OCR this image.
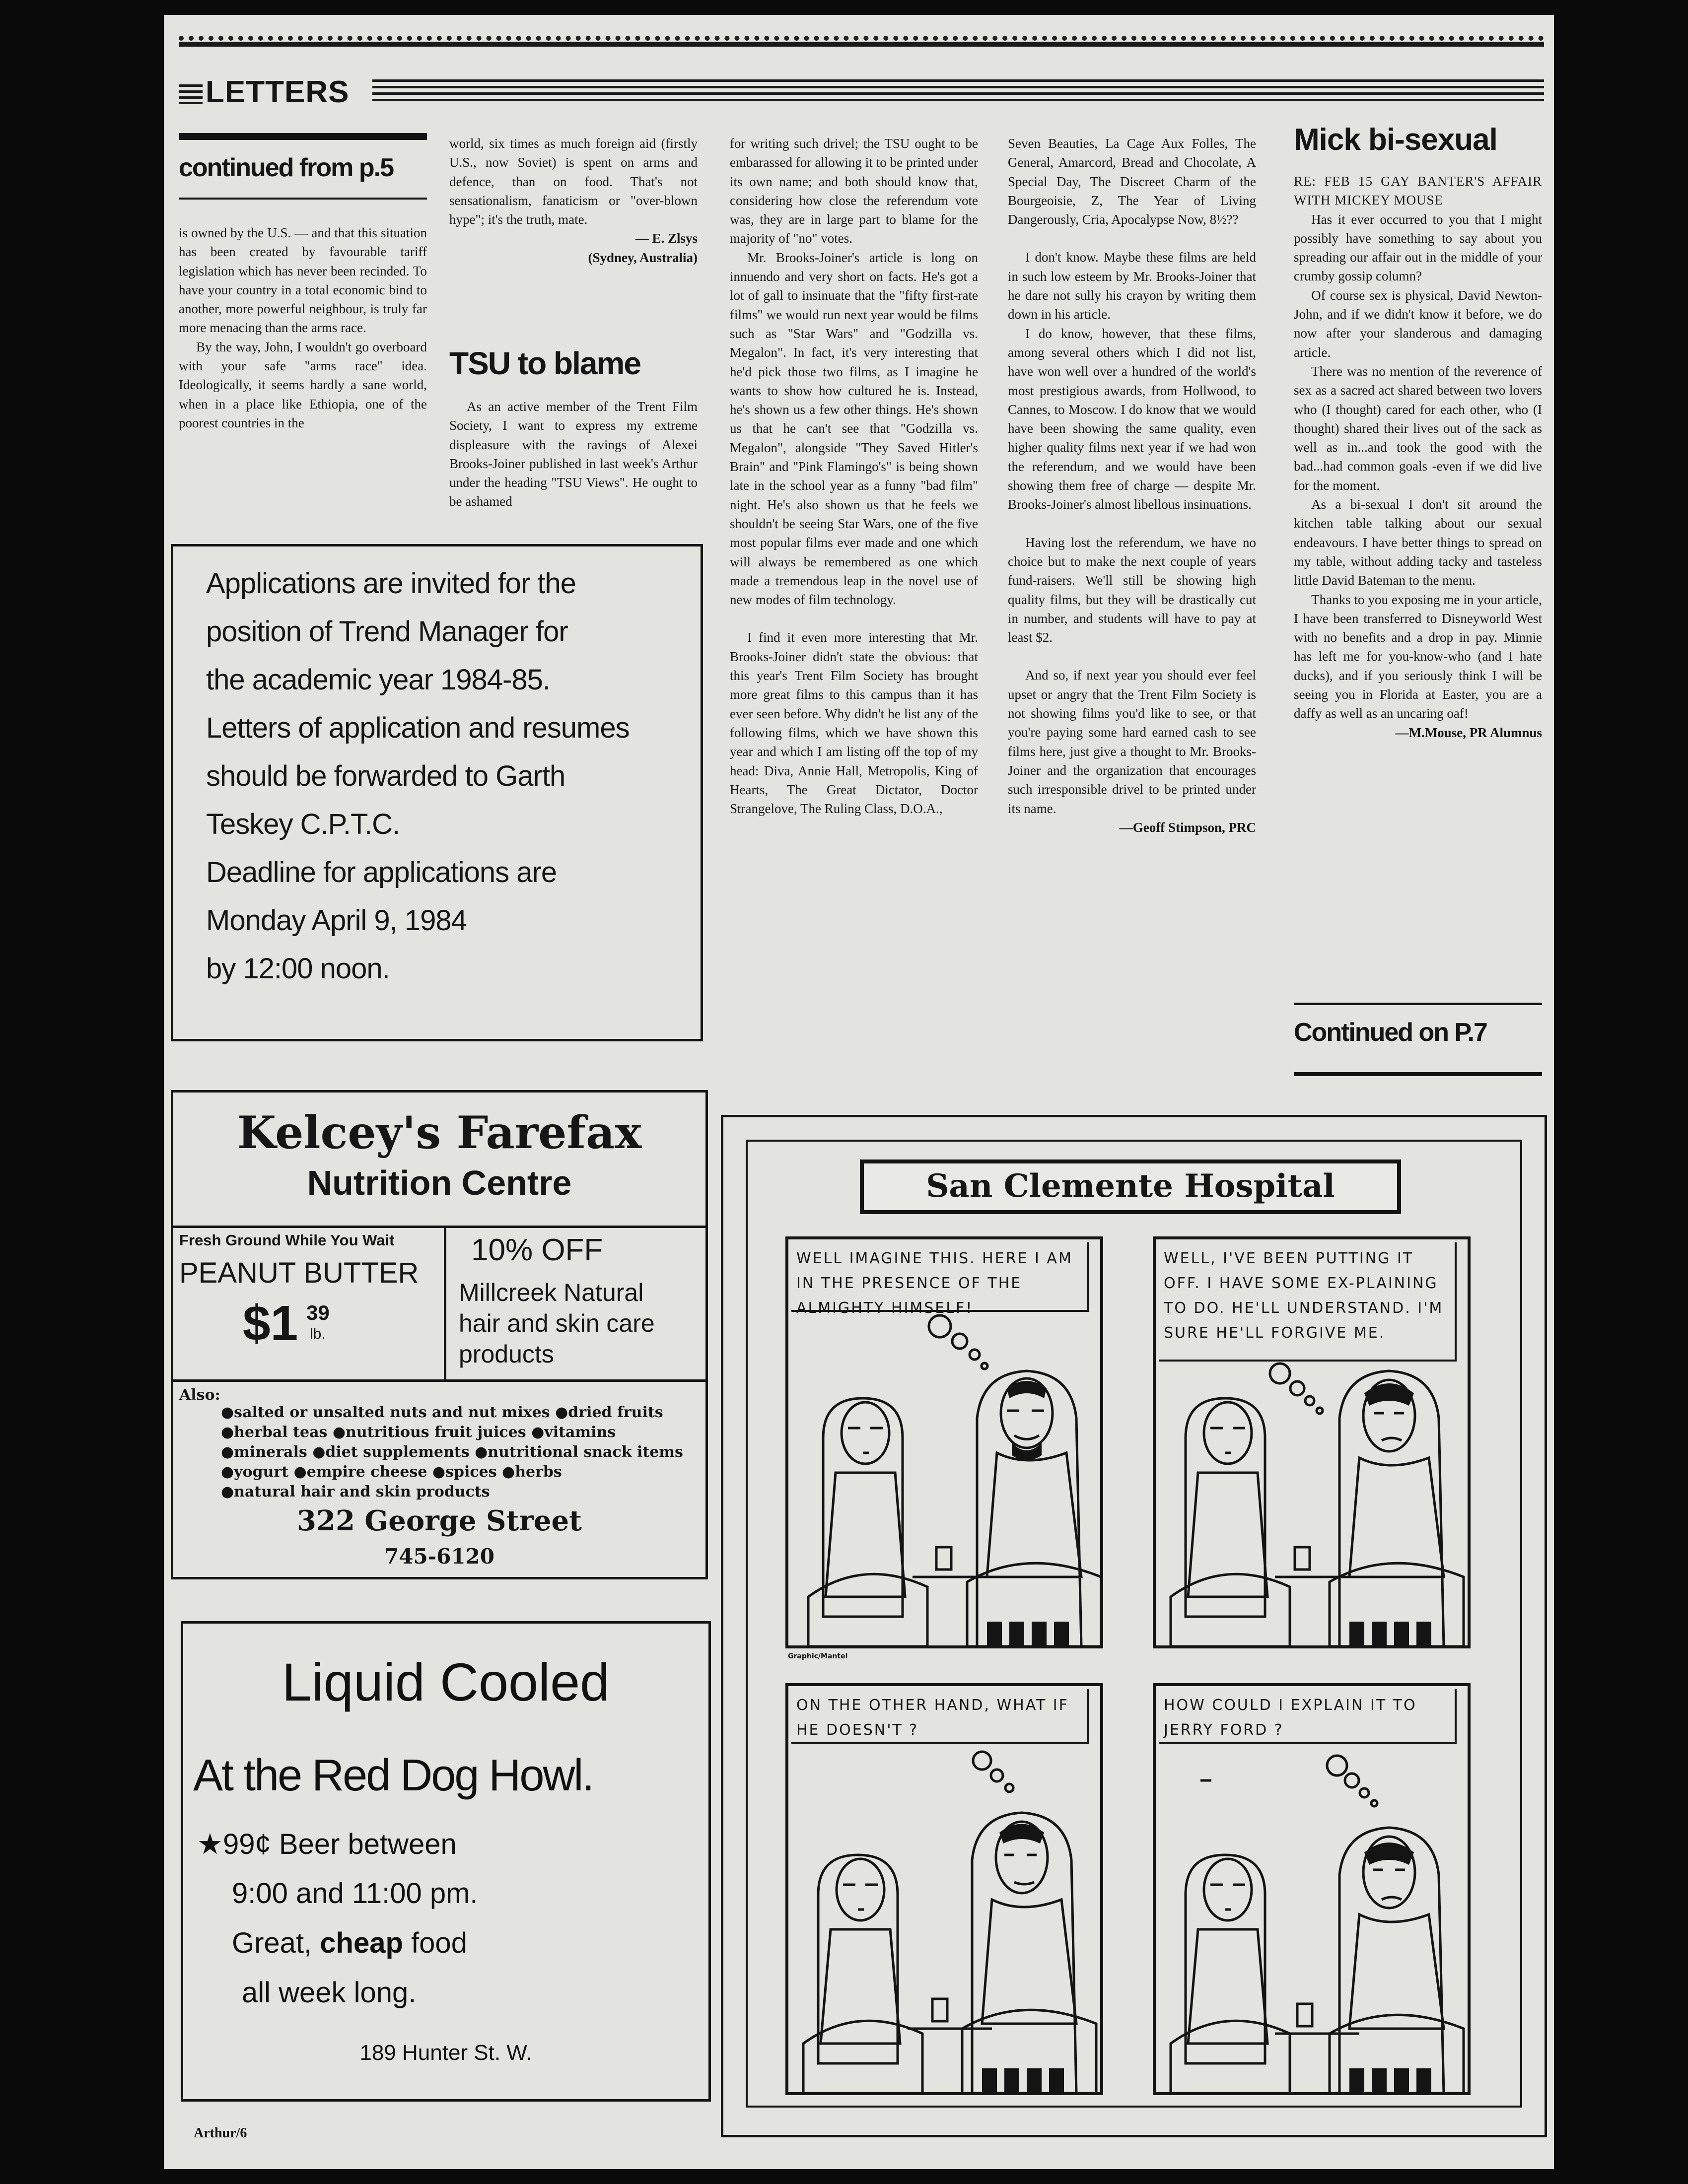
LETTERS
continued from p.5

is owned by the U.S. — and that this situation has been created by favourable tariff legislation which has never been recinded. To have your country in a total economic bind to another, more powerful neighbour, is truly far more menacing than the arms race.

By the way, John, I wouldn't go overboard with your safe "arms race" idea. Ideologically, it seems hardly a sane world, when in a place like Ethiopia, one of the poorest countries in the

world, six times as much foreign aid (firstly U.S., now Soviet) is spent on arms and defence, than on food. That's not sensationalism, fanaticism or "over-blown hype"; it's the truth, mate.

— E. Zlsys
(Sydney, Australia)
TSU to blame

As an active member of the Trent Film Society, I want to express my extreme displeasure with the ravings of Alexei Brooks-Joiner published in last week's Arthur under the heading "TSU Views". He ought to be ashamed

for writing such drivel; the TSU ought to be embarassed for allowing it to be printed under its own name; and both should know that, considering how close the referendum vote was, they are in large part to blame for the majority of "no" votes.

Mr. Brooks-Joiner's article is long on innuendo and very short on facts. He's got a lot of gall to insinuate that the "fifty first-rate films" we would run next year would be films such as "Star Wars" and "Godzilla vs. Megalon". In fact, it's very interesting that he'd pick those two films, as I imagine he wants to show how cultured he is. Instead, he's shown us a few other things. He's shown us that he can't see that "Godzilla vs. Megalon", alongside "They Saved Hitler's Brain" and "Pink Flamingo's" is being shown late in the school year as a funny "bad film" night. He's also shown us that he feels we shouldn't be seeing Star Wars, one of the five most popular films ever made and one which will always be remembered as one which made a tremendous leap in the novel use of new modes of film technology.

I find it even more interesting that Mr. Brooks-Joiner didn't state the obvious: that this year's Trent Film Society has brought more great films to this campus than it has ever seen before. Why didn't he list any of the following films, which we have shown this year and which I am listing off the top of my head: Diva, Annie Hall, Metropolis, King of Hearts, The Great Dictator, Doctor Strangelove, The Ruling Class, D.O.A.,

Seven Beauties, La Cage Aux Folles, The General, Amarcord, Bread and Chocolate, A Special Day, The Discreet Charm of the Bourgeoisie, Z, The Year of Living Dangerously, Cria, Apocalypse Now, 8½??

I don't know. Maybe these films are held in such low esteem by Mr. Brooks-Joiner that he dare not sully his crayon by writing them down in his article.

I do know, however, that these films, among several others which I did not list, have won well over a hundred of the world's most prestigious awards, from Hollwood, to Cannes, to Moscow. I do know that we would have been showing the same quality, even higher quality films next year if we had won the referendum, and we would have been showing them free of charge — despite Mr. Brooks-Joiner's almost libellous insinuations.

Having lost the referendum, we have no choice but to make the next couple of years fund-raisers. We'll still be showing high quality films, but they will be drastically cut in number, and students will have to pay at least $2.

And so, if next year you should ever feel upset or angry that the Trent Film Society is not showing films you'd like to see, or that you're paying some hard earned cash to see films here, just give a thought to Mr. Brooks-Joiner and the organization that encourages such irresponsible drivel to be printed under its name.

—Geoff Stimpson, PRC
Mick bi-sexual

RE: FEB 15 GAY BANTER'S AFFAIR WITH MICKEY MOUSE

Has it ever occurred to you that I might possibly have something to say about you spreading our affair out in the middle of your crumby gossip column?

Of course sex is physical, David Newton-John, and if we didn't know it before, we do now after your slanderous and damaging article.

There was no mention of the reverence of sex as a sacred act shared between two lovers who (I thought) cared for each other, who (I thought) shared their lives out of the sack as well as in...and took the good with the bad...had common goals -even if we did live for the moment.

As a bi-sexual I don't sit around the kitchen table talking about our sexual endeavours. I have better things to spread on my table, without adding tacky and tasteless little David Bateman to the menu.

Thanks to you exposing me in your article, I have been transferred to Disneyworld West with no benefits and a drop in pay. Minnie has left me for you-know-who (and I hate ducks), and if you seriously think I will be seeing you in Florida at Easter, you are a daffy as well as an uncaring oaf!

—M.Mouse, PR Alumnus
Continued on P.7
Applications are invited for the
position of Trend Manager for
the academic year 1984-85.
Letters of application and resumes
should be forwarded to Garth
Teskey C.P.T.C.
Deadline for applications are
Monday April 9, 1984
by 12:00 noon.
Kelcey's Farefax
Nutrition Centre
Fresh Ground While You Wait
PEANUT BUTTER
$1 39
lb.
10% OFF
Millcreek Natural
hair and skin care
products
Also:
●salted or unsalted nuts and nut mixes ●dried fruits
●herbal teas ●nutritious fruit juices ●vitamins
●minerals ●diet supplements ●nutritional snack items
●yogurt ●empire cheese ●spices ●herbs
●natural hair and skin products
322 George Street
745-6120
Liquid Cooled
At the Red Dog Howl.
★99¢ Beer between
9:00 and 11:00 pm.
Great, cheap food
all week long.
189 Hunter St. W.
San Clemente Hospital
WELL IMAGINE THIS. HERE I AM IN THE PRESENCE OF THE ALMIGHTY HIMSELF!
Graphic/Mantel
WELL, I'VE BEEN PUTTING IT OFF. I HAVE SOME EX-PLAINING TO DO. HE'LL UNDERSTAND. I'M SURE HE'LL FORGIVE ME.
ON THE OTHER HAND, WHAT IF HE DOESN'T ?
HOW COULD I EXPLAIN IT TO JERRY FORD ?
Arthur/6
